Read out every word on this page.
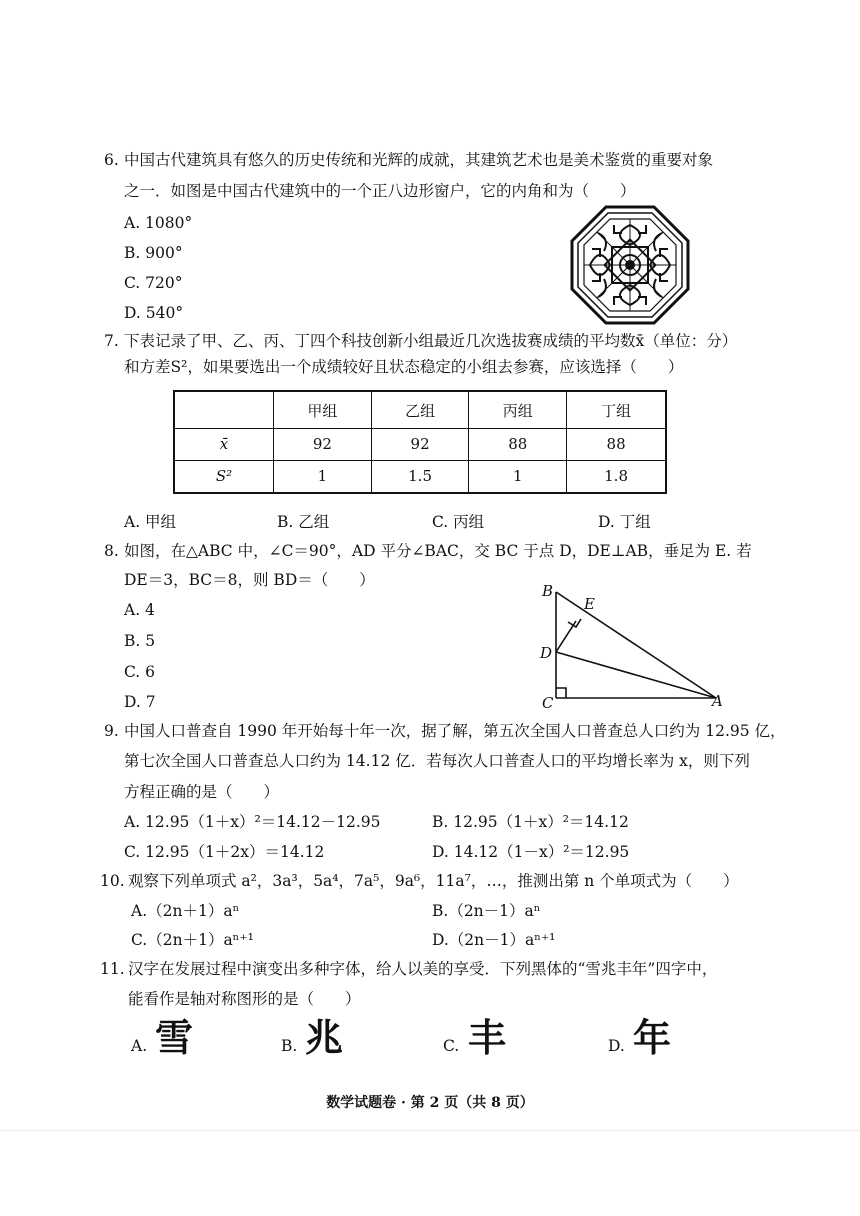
6. 中国古代建筑具有悠久的历史传统和光辉的成就，其建筑艺术也是美术鉴赏的重要对象
之一．如图是中国古代建筑中的一个正八边形窗户，它的内角和为（　　）
A. 1080°
B. 900°
C. 720°
D. 540°
7. 下表记录了甲、乙、丙、丁四个科技创新小组最近几次选拔赛成绩的平均数x̄（单位：分）
和方差S²，如果要选出一个成绩较好且状态稳定的小组去参赛，应该选择（　　）
	甲组	乙组	丙组	丁组
x̄	92	92	88	88
S²	1	1.5	1	1.8
A. 甲组	B. 乙组	C. 丙组	D. 丁组
8. 如图，在△ABC 中，∠C＝90°，AD 平分∠BAC，交 BC 于点 D，DE⊥AB，垂足为 E. 若
DE＝3，BC＝8，则 BD＝（　　）
A. 4
B. 5
C. 6
D. 7
B
E
D
C	A
9. 中国人口普查自 1990 年开始每十年一次，据了解，第五次全国人口普查总人口约为 12.95 亿，
第七次全国人口普查总人口约为 14.12 亿．若每次人口普查人口的平均增长率为 x，则下列
方程正确的是（　　）
A. 12.95（1＋x）²＝14.12－12.95	B. 12.95（1＋x）²＝14.12
C. 12.95（1＋2x）＝14.12	D. 14.12（1－x）²＝12.95
10. 观察下列单项式 a²，3a³，5a⁴，7a⁵，9a⁶，11a⁷，…，推测出第 n 个单项式为（　　）
A.（2n＋1）aⁿ	B.（2n－1）aⁿ
C.（2n＋1）aⁿ⁺¹	D.（2n－1）aⁿ⁺¹
11. 汉字在发展过程中演变出多种字体，给人以美的享受．下列黑体的“雪兆丰年”四字中，
能看作是轴对称图形的是（　　）
A. 雪	B. 兆	C. 丰	D. 年
数学试题卷 · 第 2 页（共 8 页）
